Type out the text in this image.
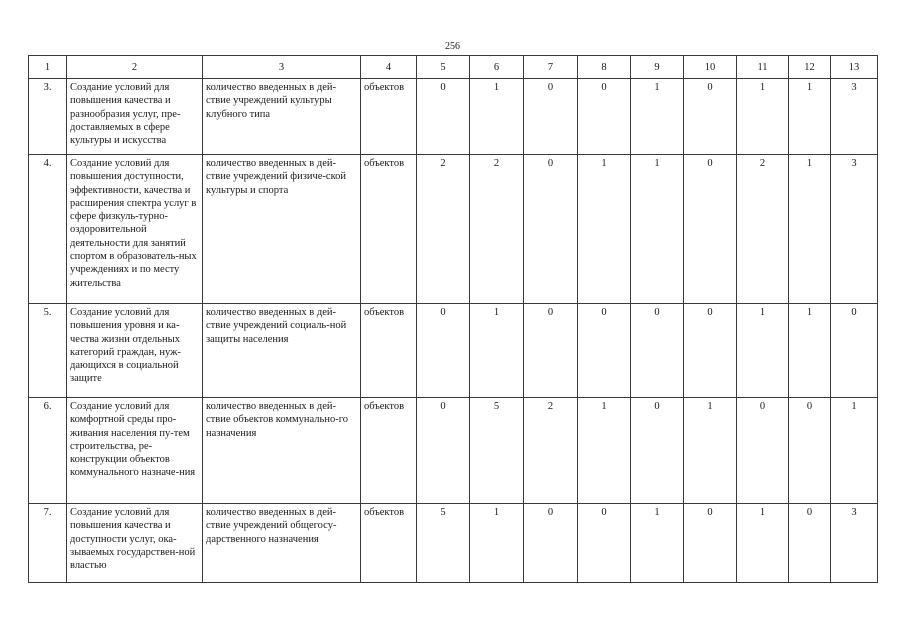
256
1	2	3	4	5	6	7	8	9	10	11	12	13
3.	Создание условий для повышения качества и разнообразия услуг, пре-доставляемых в сфере культуры и искусства	количество введенных в дей-ствие учреждений культуры клубного типа	объектов	0	1	0	0	1	0	1	1	3
4.	Создание условий для повышения доступности, эффективности, качества и расширения спектра услуг в сфере физкуль-турно-оздоровительной деятельности для занятий спортом в образователь-ных учреждениях и по месту жительства	количество введенных в дей-ствие учреждений физиче-ской культуры и спорта	объектов	2	2	0	1	1	0	2	1	3
5.	Создание условий для повышения уровня и ка-чества жизни отдельных категорий граждан, нуж-дающихся в социальной защите	количество введенных в дей-ствие учреждений социаль-ной защиты населения	объектов	0	1	0	0	0	0	1	1	0
6.	Создание условий для комфортной среды про-живания населения пу-тем строительства, ре-конструкции объектов коммунального назначе-ния	количество введенных в дей-ствие объектов коммунально-го назначения	объектов	0	5	2	1	0	1	0	0	1
7.	Создание условий для повышения качества и доступности услуг, ока-зываемых государствен-ной властью	количество введенных в дей-ствие учреждений общегосу-дарственного назначения	объектов	5	1	0	0	1	0	1	0	3
